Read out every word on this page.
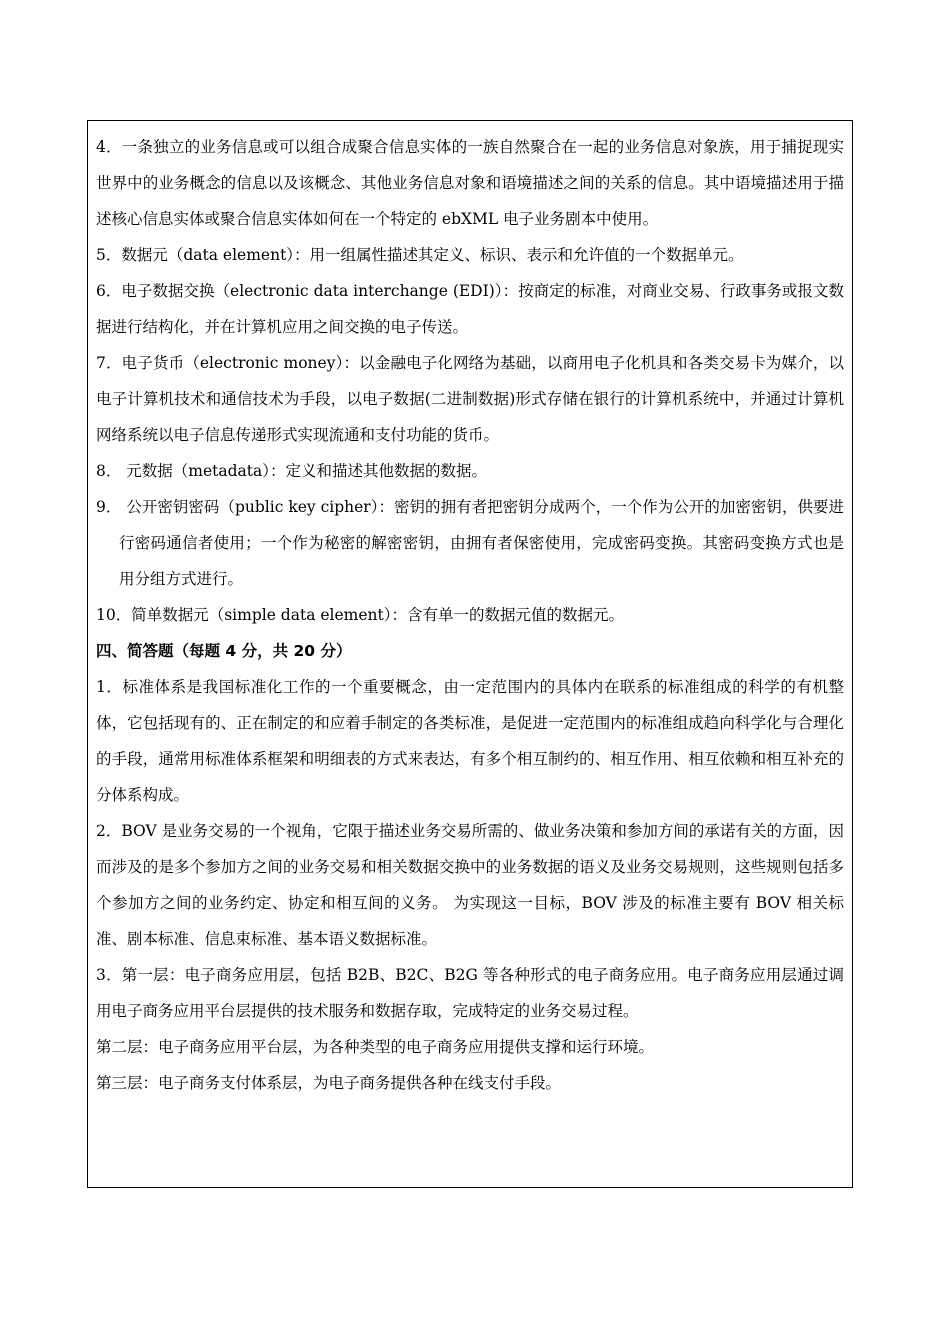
4．一条独立的业务信息或可以组合成聚合信息实体的一族自然聚合在一起的业务信息对象族，用于捕捉现实世界中的业务概念的信息以及该概念、其他业务信息对象和语境描述之间的关系的信息。其中语境描述用于描述核心信息实体或聚合信息实体如何在一个特定的 ebXML 电子业务剧本中使用。

5．数据元（data element）：用一组属性描述其定义、标识、表示和允许值的一个数据单元。

6．电子数据交换（electronic data interchange (EDI)）：按商定的标准，对商业交易、行政事务或报文数据进行结构化，并在计算机应用之间交换的电子传送。

7．电子货币（electronic money）：以金融电子化网络为基础，以商用电子化机具和各类交易卡为媒介，以电子计算机技术和通信技术为手段，以电子数据(二进制数据)形式存储在银行的计算机系统中，并通过计算机网络系统以电子信息传递形式实现流通和支付功能的货币。

8． 元数据（metadata）：定义和描述其他数据的数据。

9． 公开密钥密码（public key cipher）：密钥的拥有者把密钥分成两个，一个作为公开的加密密钥，供要进行密码通信者使用；一个作为秘密的解密密钥，由拥有者保密使用，完成密码变换。其密码变换方式也是用分组方式进行。

10．简单数据元（simple data element）：含有单一的数据元值的数据元。

四、简答题（每题 4 分，共 20 分）

1．标准体系是我国标准化工作的一个重要概念，由一定范围内的具体内在联系的标准组成的科学的有机整体，它包括现有的、正在制定的和应着手制定的各类标准，是促进一定范围内的标准组成趋向科学化与合理化的手段，通常用标准体系框架和明细表的方式来表达，有多个相互制约的、相互作用、相互依赖和相互补充的分体系构成。

2．BOV 是业务交易的一个视角，它限于描述业务交易所需的、做业务决策和参加方间的承诺有关的方面，因而涉及的是多个参加方之间的业务交易和相关数据交换中的业务数据的语义及业务交易规则，这些规则包括多个参加方之间的业务约定、协定和相互间的义务。 为实现这一目标，BOV 涉及的标准主要有 BOV 相关标准、剧本标准、信息束标准、基本语义数据标准。

3．第一层：电子商务应用层，包括 B2B、B2C、B2G 等各种形式的电子商务应用。电子商务应用层通过调用电子商务应用平台层提供的技术服务和数据存取，完成特定的业务交易过程。

第二层：电子商务应用平台层，为各种类型的电子商务应用提供支撑和运行环境。

第三层：电子商务支付体系层，为电子商务提供各种在线支付手段。
